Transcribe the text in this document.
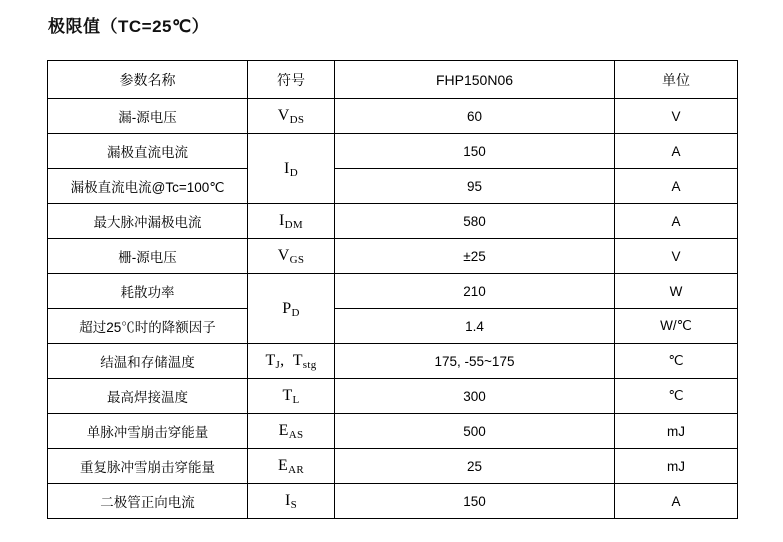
极限值（TC=25℃）
参数名称	符号	FHP150N06	单位
漏-源电压	$V_{DS}$	60	V
漏极直流电流	$I_D$	150	A
漏极直流电流@Tc=100℃		95	A
最大脉冲漏极电流	$I_{DM}$	580	A
栅-源电压	$V_{GS}$	±25	V
耗散功率	$P_D$	210	W
超过25℃时的降额因子		1.4	W/℃
结温和存储温度	$T_J$,  $T_{stg}$	175, -55~175	℃
最高焊接温度	$T_L$	300	℃
单脉冲雪崩击穿能量	$E_{AS}$	500	mJ
重复脉冲雪崩击穿能量	$E_{AR}$	25	mJ
二极管正向电流	$I_S$	150	A
